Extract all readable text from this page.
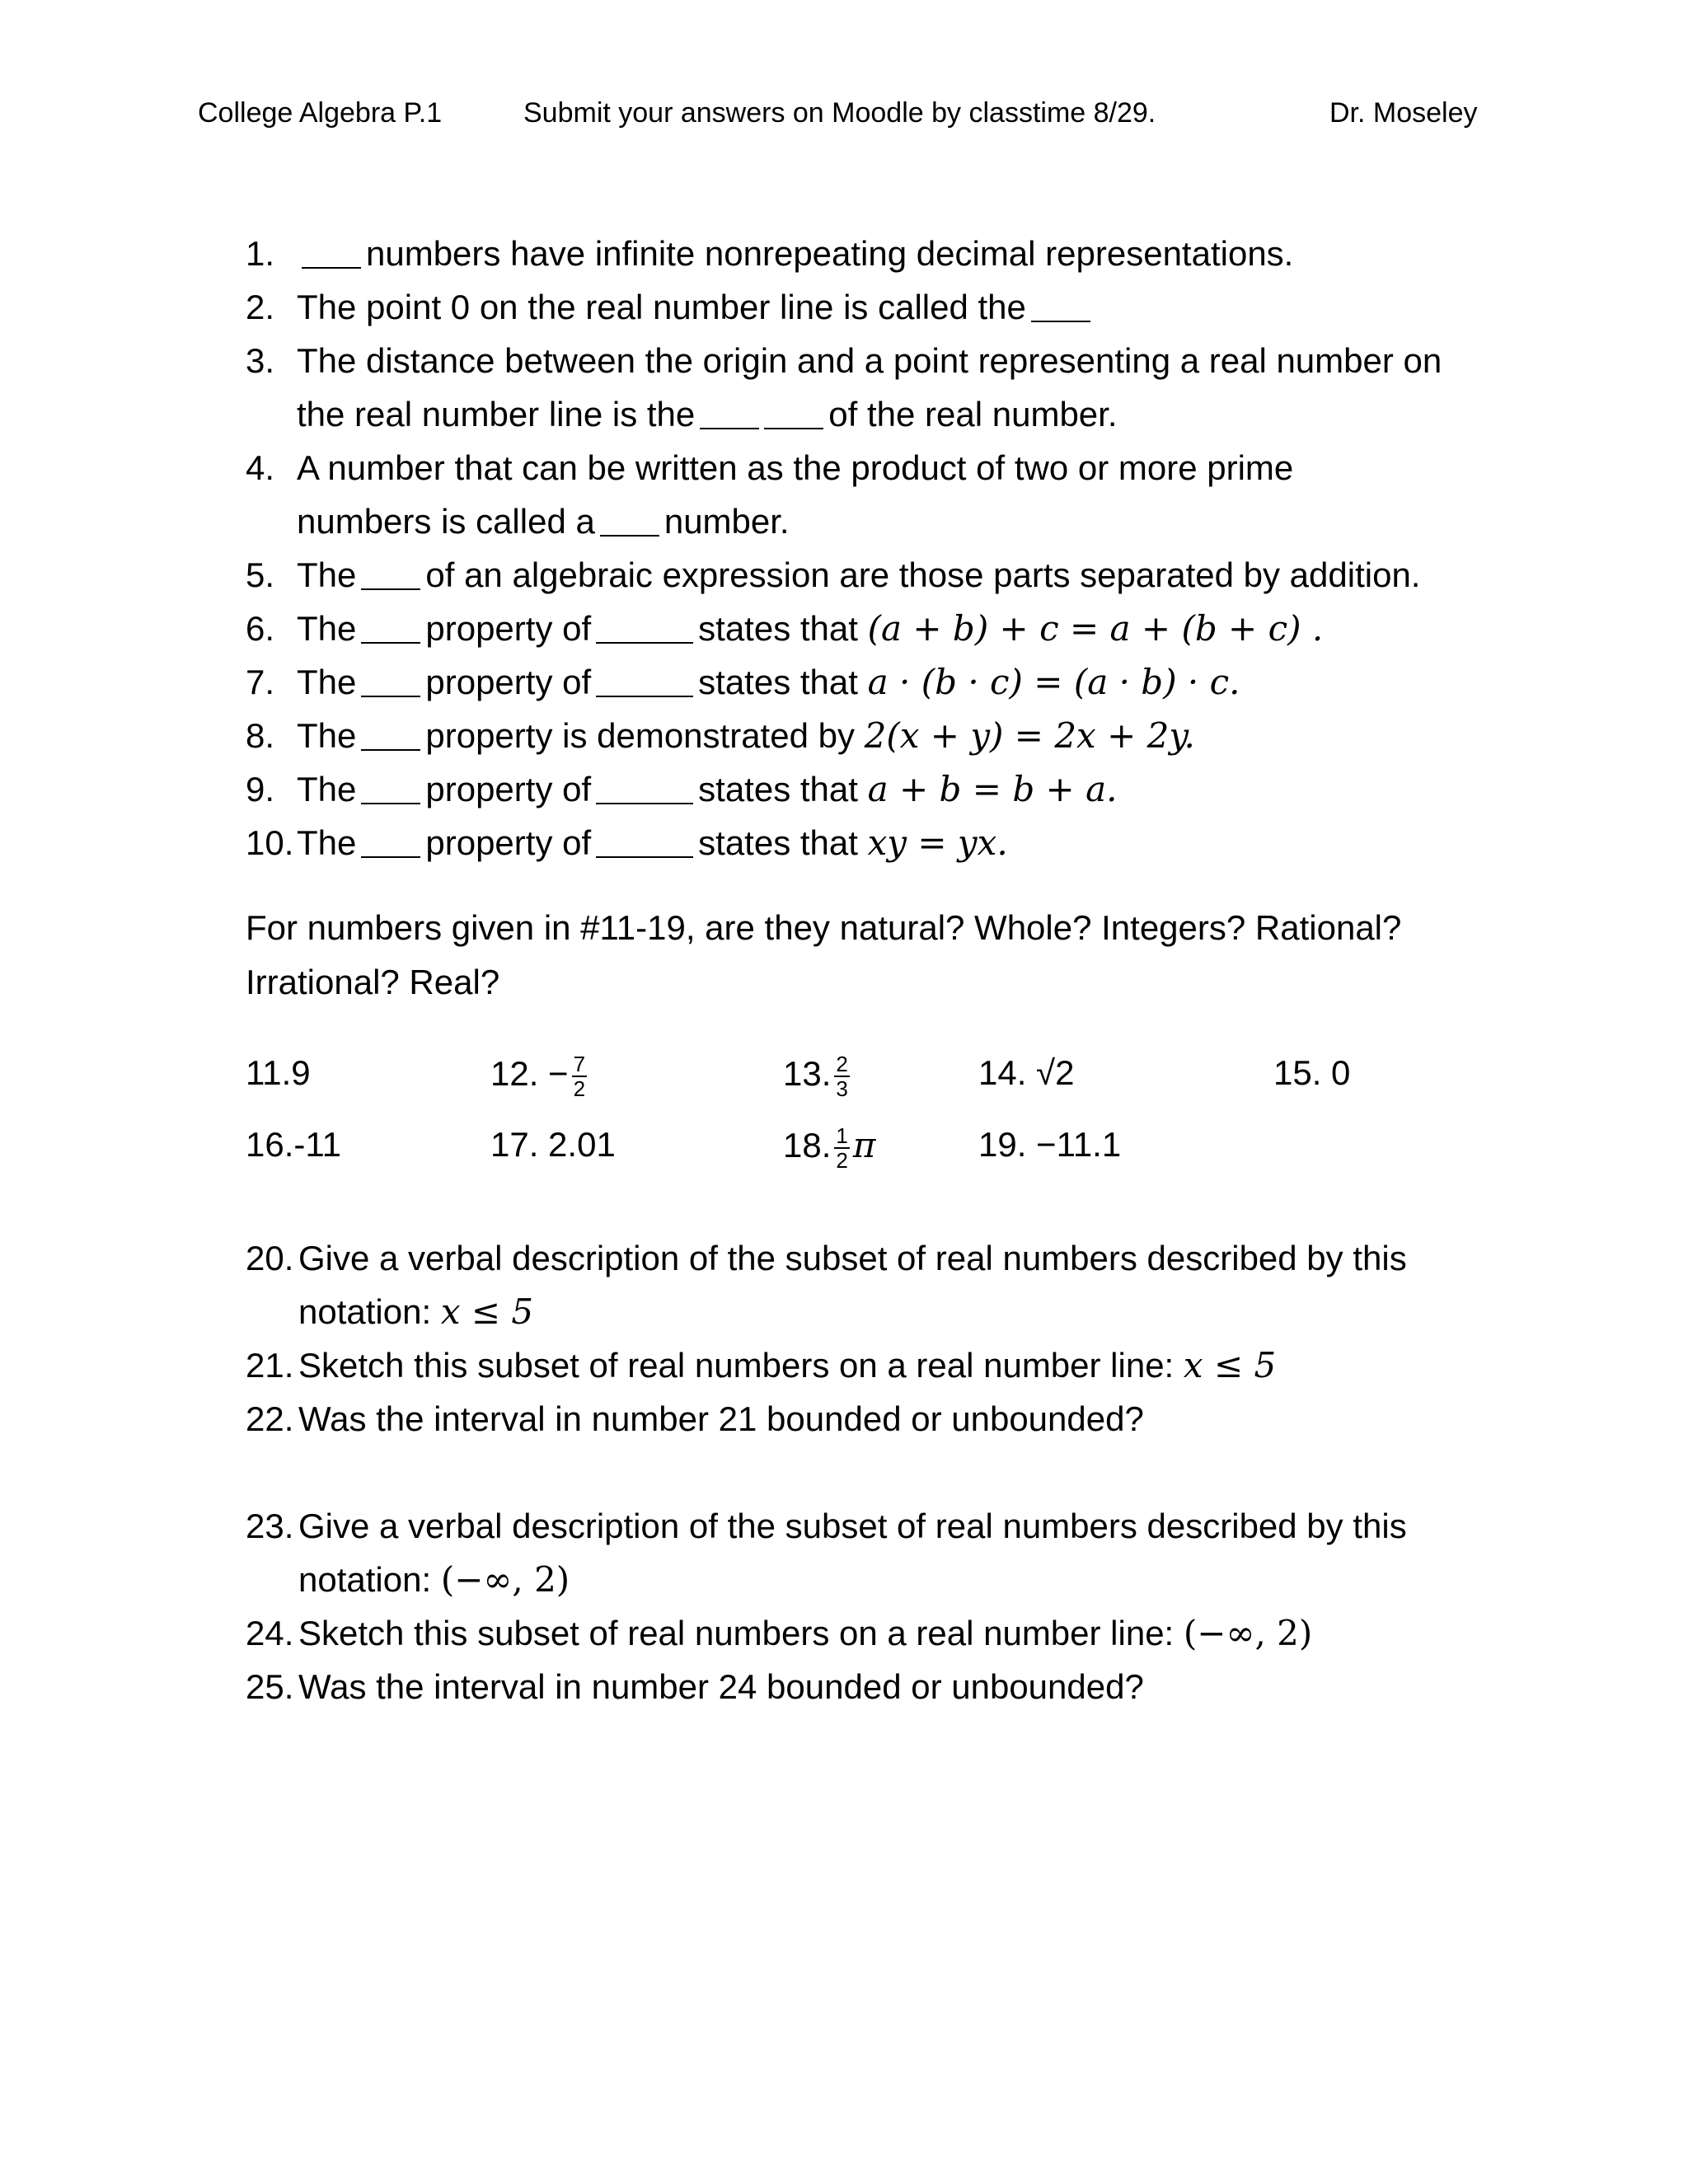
College Algebra P.1	Submit your answers on Moodle by classtime 8/29.	Dr. Moseley
1.	numbers have infinite nonrepeating decimal representations.
2. The point 0 on the real number line is called the
3. The distance between the origin and a point representing a real number on
the real number line is the	of the real number.
4. A number that can be written as the product of two or more prime
numbers is called a number.
5. The of an algebraic expression are those parts separated by addition.
6. The property of	states that (a + b) + c = a + (b + c) .
7. The property of	states that a · (b · c) = (a · b) · c.
8. The property is demonstrated by 2(x + y) = 2x + 2y.
9. The property of	states that a + b = b + a.
10.The property of	states that xy = yx.
For numbers given in #11-19, are they natural? Whole? Integers? Rational? Irrational? Real?
11.9	12. − $\frac{7}{2}$	13. $\frac{2}{3}$	14. √2	15. 0
16.-11	17. 2.01	18. $\frac{1}{2}$ π	19. −11.1
20. Give a verbal description of the subset of real numbers described by this
notation: x ≤ 5
21. Sketch this subset of real numbers on a real number line: x ≤ 5
22. Was the interval in number 21 bounded or unbounded?
23. Give a verbal description of the subset of real numbers described by this
notation: (−∞, 2)
24. Sketch this subset of real numbers on a real number line: (−∞, 2)
25. Was the interval in number 24 bounded or unbounded?
